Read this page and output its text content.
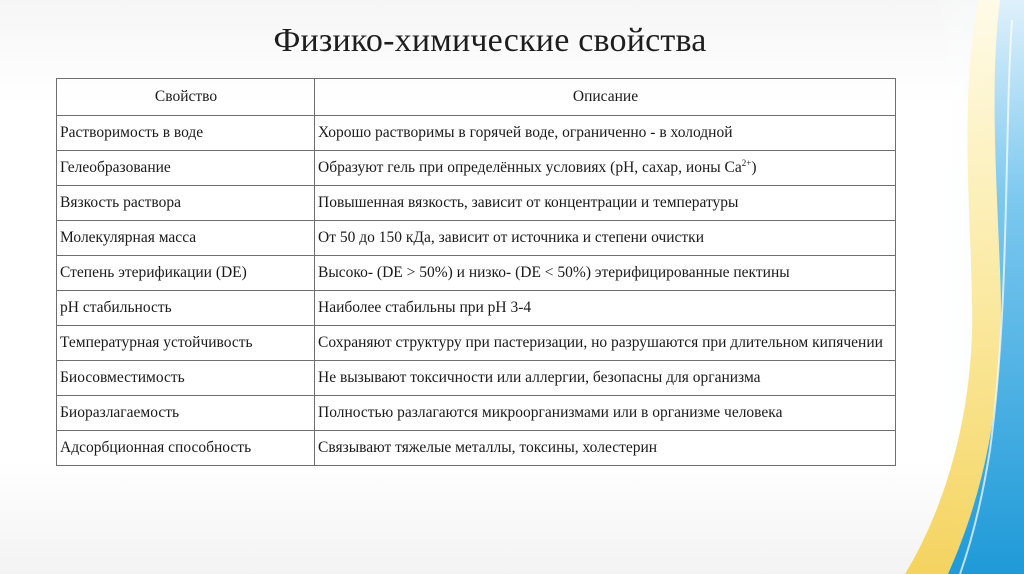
Физико-химические свойства
Свойство	Описание
Растворимость в воде	Хорошо растворимы в горячей воде, ограниченно - в холодной
Гелеобразование	Образуют гель при определённых условиях (pH, сахар, ионы $Ca^{2+}$)
Вязкость раствора	Повышенная вязкость, зависит от концентрации и температуры
Молекулярная масса	От 50 до 150 кДа, зависит от источника и степени очистки
Степень этерификации (DE)	Высоко- (DE > 50%) и низко- (DE < 50%) этерифицированные пектины
pH стабильность	Наиболее стабильны при pH 3-4
Температурная устойчивость	Сохраняют структуру при пастеризации, но разрушаются при длительном кипячении
Биосовместимость	Не вызывают токсичности или аллергии, безопасны для организма
Биоразлагаемость	Полностью разлагаются микроорганизмами или в организме человека
Адсорбционная способность	Связывают тяжелые металлы, токсины, холестерин
